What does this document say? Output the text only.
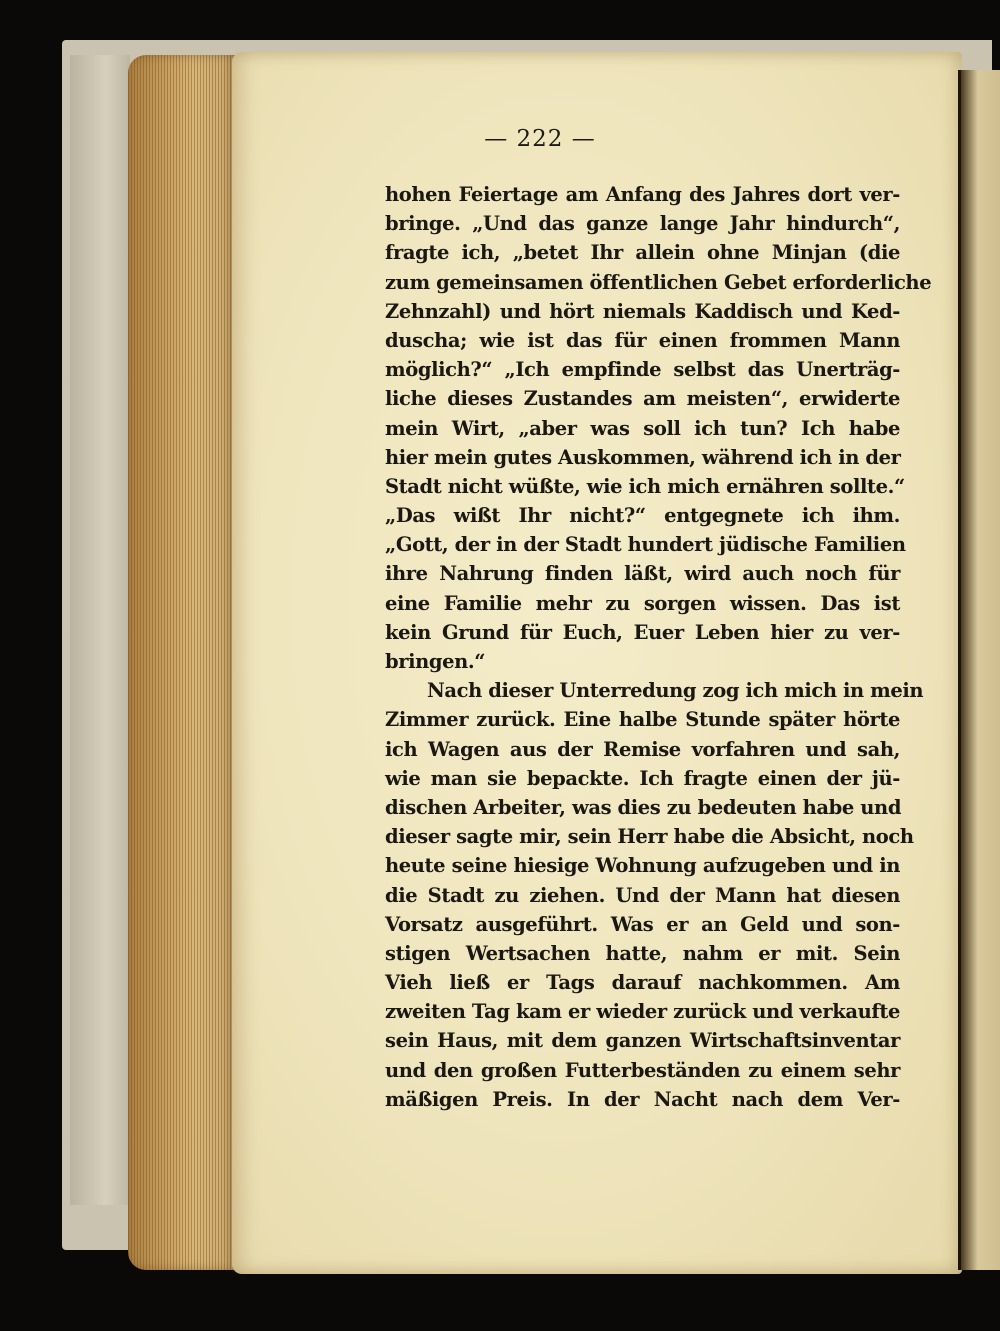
— 222 —
hohen Feiertage am Anfang des Jahres dort ver-
bringe. „Und das ganze lange Jahr hindurch“,
fragte ich, „betet Ihr allein ohne Minjan (die
zum gemeinsamen öffentlichen Gebet erforderliche
Zehnzahl) und hört niemals Kaddisch und Ked-
duscha; wie ist das für einen frommen Mann
möglich?“ „Ich empfinde selbst das Unerträg-
liche dieses Zustandes am meisten“, erwiderte
mein Wirt, „aber was soll ich tun? Ich habe
hier mein gutes Auskommen, während ich in der
Stadt nicht wüßte, wie ich mich ernähren sollte.“
„Das wißt Ihr nicht?“ entgegnete ich ihm.
„Gott, der in der Stadt hundert jüdische Familien
ihre Nahrung finden läßt, wird auch noch für
eine Familie mehr zu sorgen wissen. Das ist
kein Grund für Euch, Euer Leben hier zu ver-
bringen.“
Nach dieser Unterredung zog ich mich in mein
Zimmer zurück. Eine halbe Stunde später hörte
ich Wagen aus der Remise vorfahren und sah,
wie man sie bepackte. Ich fragte einen der jü-
dischen Arbeiter, was dies zu bedeuten habe und
dieser sagte mir, sein Herr habe die Absicht, noch
heute seine hiesige Wohnung aufzugeben und in
die Stadt zu ziehen. Und der Mann hat diesen
Vorsatz ausgeführt. Was er an Geld und son-
stigen Wertsachen hatte, nahm er mit. Sein
Vieh ließ er Tags darauf nachkommen. Am
zweiten Tag kam er wieder zurück und verkaufte
sein Haus, mit dem ganzen Wirtschaftsinventar
und den großen Futterbeständen zu einem sehr
mäßigen Preis. In der Nacht nach dem Ver-
